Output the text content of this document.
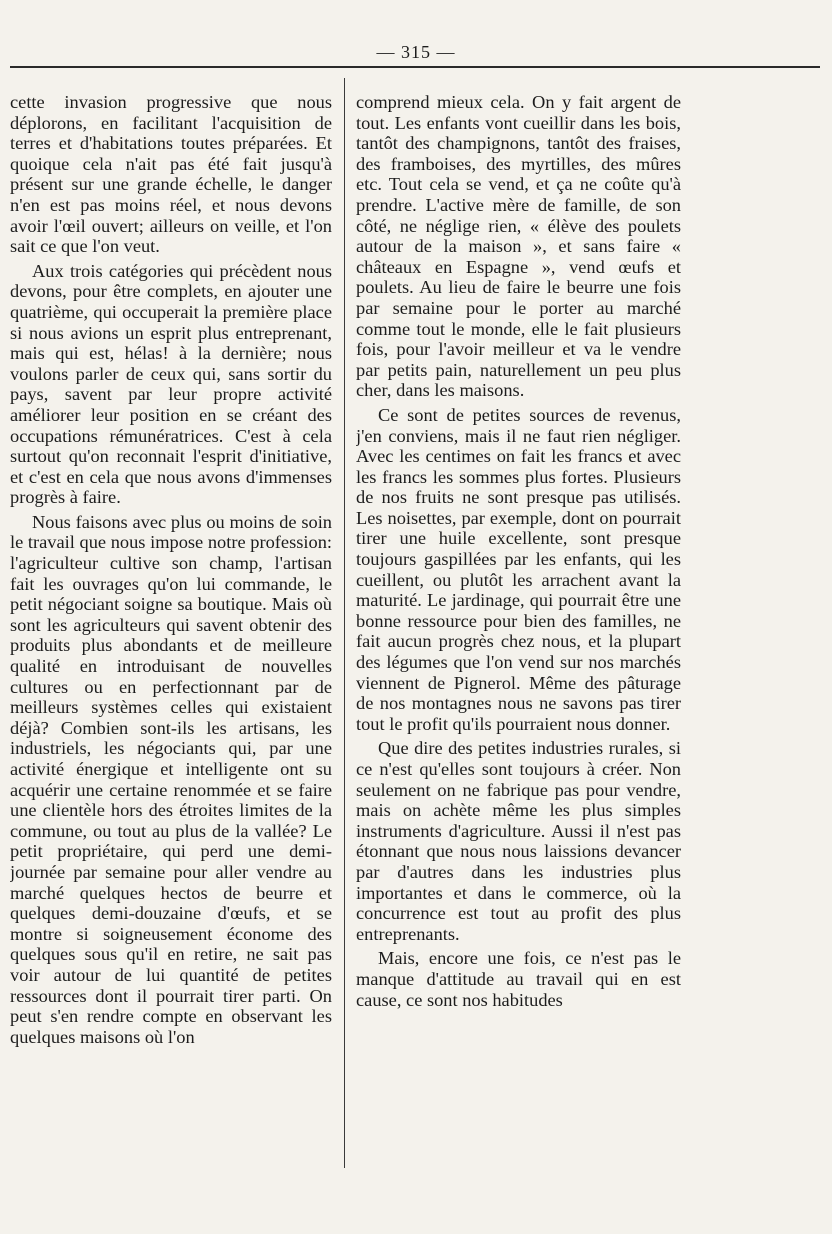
— 315 —

cette invasion progressive que nous déplorons, en facilitant l'acquisition de terres et d'habitations toutes préparées. Et quoique cela n'ait pas été fait jusqu'à présent sur une grande échelle, le danger n'en est pas moins réel, et nous devons avoir l'œil ouvert; ailleurs on veille, et l'on sait ce que l'on veut.

Aux trois catégories qui précèdent nous devons, pour être complets, en ajouter une quatrième, qui occuperait la première place si nous avions un esprit plus entreprenant, mais qui est, hélas! à la dernière; nous voulons parler de ceux qui, sans sortir du pays, savent par leur propre activité améliorer leur position en se créant des occupations rémunératrices. C'est à cela surtout qu'on reconnait l'esprit d'initiative, et c'est en cela que nous avons d'immenses progrès à faire.

Nous faisons avec plus ou moins de soin le travail que nous impose notre profession: l'agriculteur cultive son champ, l'artisan fait les ouvrages qu'on lui commande, le petit négociant soigne sa boutique. Mais où sont les agriculteurs qui savent obtenir des produits plus abondants et de meilleure qualité en introduisant de nouvelles cultures ou en perfectionnant par de meilleurs systèmes celles qui existaient déjà? Combien sont-ils les artisans, les industriels, les négociants qui, par une activité énergique et intelligente ont su acquérir une certaine renommée et se faire une clientèle hors des étroites limites de la commune, ou tout au plus de la vallée? Le petit propriétaire, qui perd une demi-journée par semaine pour aller vendre au marché quelques hectos de beurre et quelques demi-douzaine d'œufs, et se montre si soigneusement économe des quelques sous qu'il en retire, ne sait pas voir autour de lui quantité de petites ressources dont il pourrait tirer parti. On peut s'en rendre compte en observant les quelques maisons où l'on

comprend mieux cela. On y fait argent de tout. Les enfants vont cueillir dans les bois, tantôt des champignons, tantôt des fraises, des framboises, des myrtilles, des mûres etc. Tout cela se vend, et ça ne coûte qu'à prendre. L'active mère de famille, de son côté, ne néglige rien, « élève des poulets autour de la maison », et sans faire « châteaux en Espagne », vend œufs et poulets. Au lieu de faire le beurre une fois par semaine pour le porter au marché comme tout le monde, elle le fait plusieurs fois, pour l'avoir meilleur et va le vendre par petits pain, naturellement un peu plus cher, dans les maisons.

Ce sont de petites sources de revenus, j'en conviens, mais il ne faut rien négliger. Avec les centimes on fait les francs et avec les francs les sommes plus fortes. Plusieurs de nos fruits ne sont presque pas utilisés. Les noisettes, par exemple, dont on pourrait tirer une huile excellente, sont presque toujours gaspillées par les enfants, qui les cueillent, ou plutôt les arrachent avant la maturité. Le jardinage, qui pourrait être une bonne ressource pour bien des familles, ne fait aucun progrès chez nous, et la plupart des légumes que l'on vend sur nos marchés viennent de Pignerol. Même des pâturage de nos montagnes nous ne savons pas tirer tout le profit qu'ils pourraient nous donner.

Que dire des petites industries rurales, si ce n'est qu'elles sont toujours à créer. Non seulement on ne fabrique pas pour vendre, mais on achète même les plus simples instruments d'agriculture. Aussi il n'est pas étonnant que nous nous laissions devancer par d'autres dans les industries plus importantes et dans le commerce, où la concurrence est tout au profit des plus entreprenants.

Mais, encore une fois, ce n'est pas le manque d'attitude au travail qui en est cause, ce sont nos habitudes
